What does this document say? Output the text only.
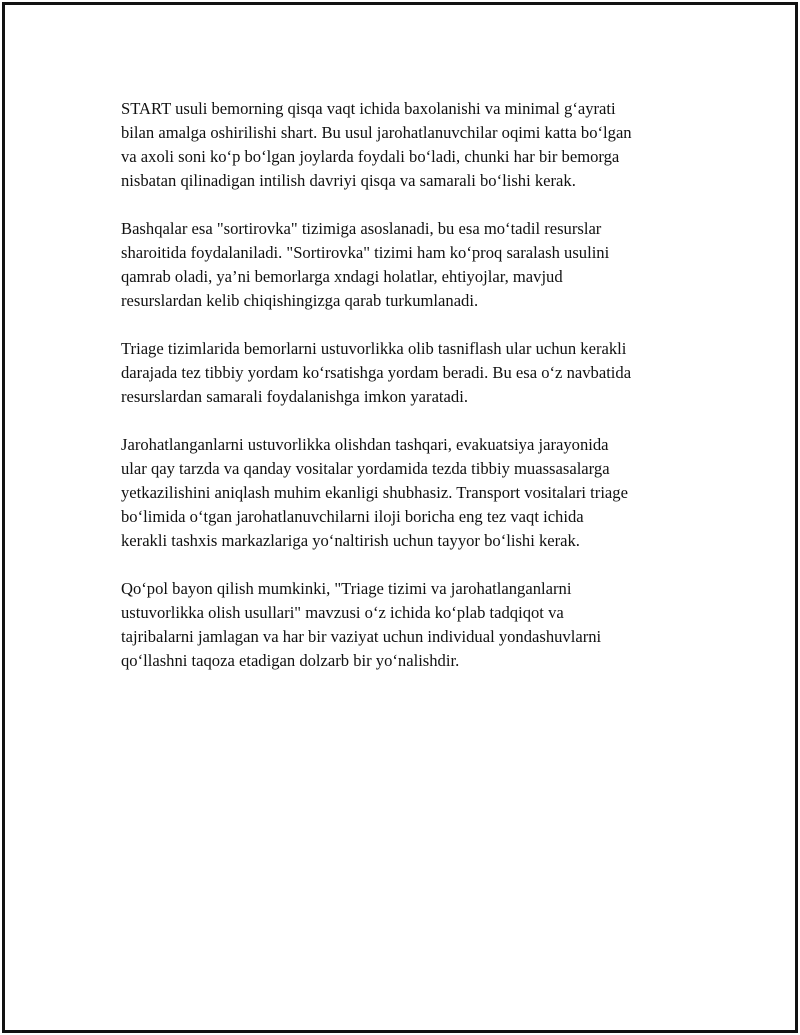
START usuli bemorning qisqa vaqt ichida baxolanishi va minimal g‘ayrati
bilan amalga oshirilishi shart. Bu usul jarohatlanuvchilar oqimi katta bo‘lgan
va axoli soni ko‘p bo‘lgan joylarda foydali bo‘ladi, chunki har bir bemorga
nisbatan qilinadigan intilish davriyi qisqa va samarali bo‘lishi kerak.

Bashqalar esa "sortirovka" tizimiga asoslanadi, bu esa mo‘tadil resurslar
sharoitida foydalaniladi. "Sortirovka" tizimi ham ko‘proq saralash usulini
qamrab oladi, ya’ni bemorlarga xndagi holatlar, ehtiyojlar, mavjud
resurslardan kelib chiqishingizga qarab turkumlanadi.

Triage tizimlarida bemorlarni ustuvorlikka olib tasniflash ular uchun kerakli
darajada tez tibbiy yordam ko‘rsatishga yordam beradi. Bu esa o‘z navbatida
resurslardan samarali foydalanishga imkon yaratadi.

Jarohatlanganlarni ustuvorlikka olishdan tashqari, evakuatsiya jarayonida
ular qay tarzda va qanday vositalar yordamida tezda tibbiy muassasalarga
yetkazilishini aniqlash muhim ekanligi shubhasiz. Transport vositalari triage
bo‘limida o‘tgan jarohatlanuvchilarni iloji boricha eng tez vaqt ichida
kerakli tashxis markazlariga yo‘naltirish uchun tayyor bo‘lishi kerak.

Qo‘pol bayon qilish mumkinki, "Triage tizimi va jarohatlanganlarni
ustuvorlikka olish usullari" mavzusi o‘z ichida ko‘plab tadqiqot va
tajribalarni jamlagan va har bir vaziyat uchun individual yondashuvlarni
qo‘llashni taqoza etadigan dolzarb bir yo‘nalishdir.
